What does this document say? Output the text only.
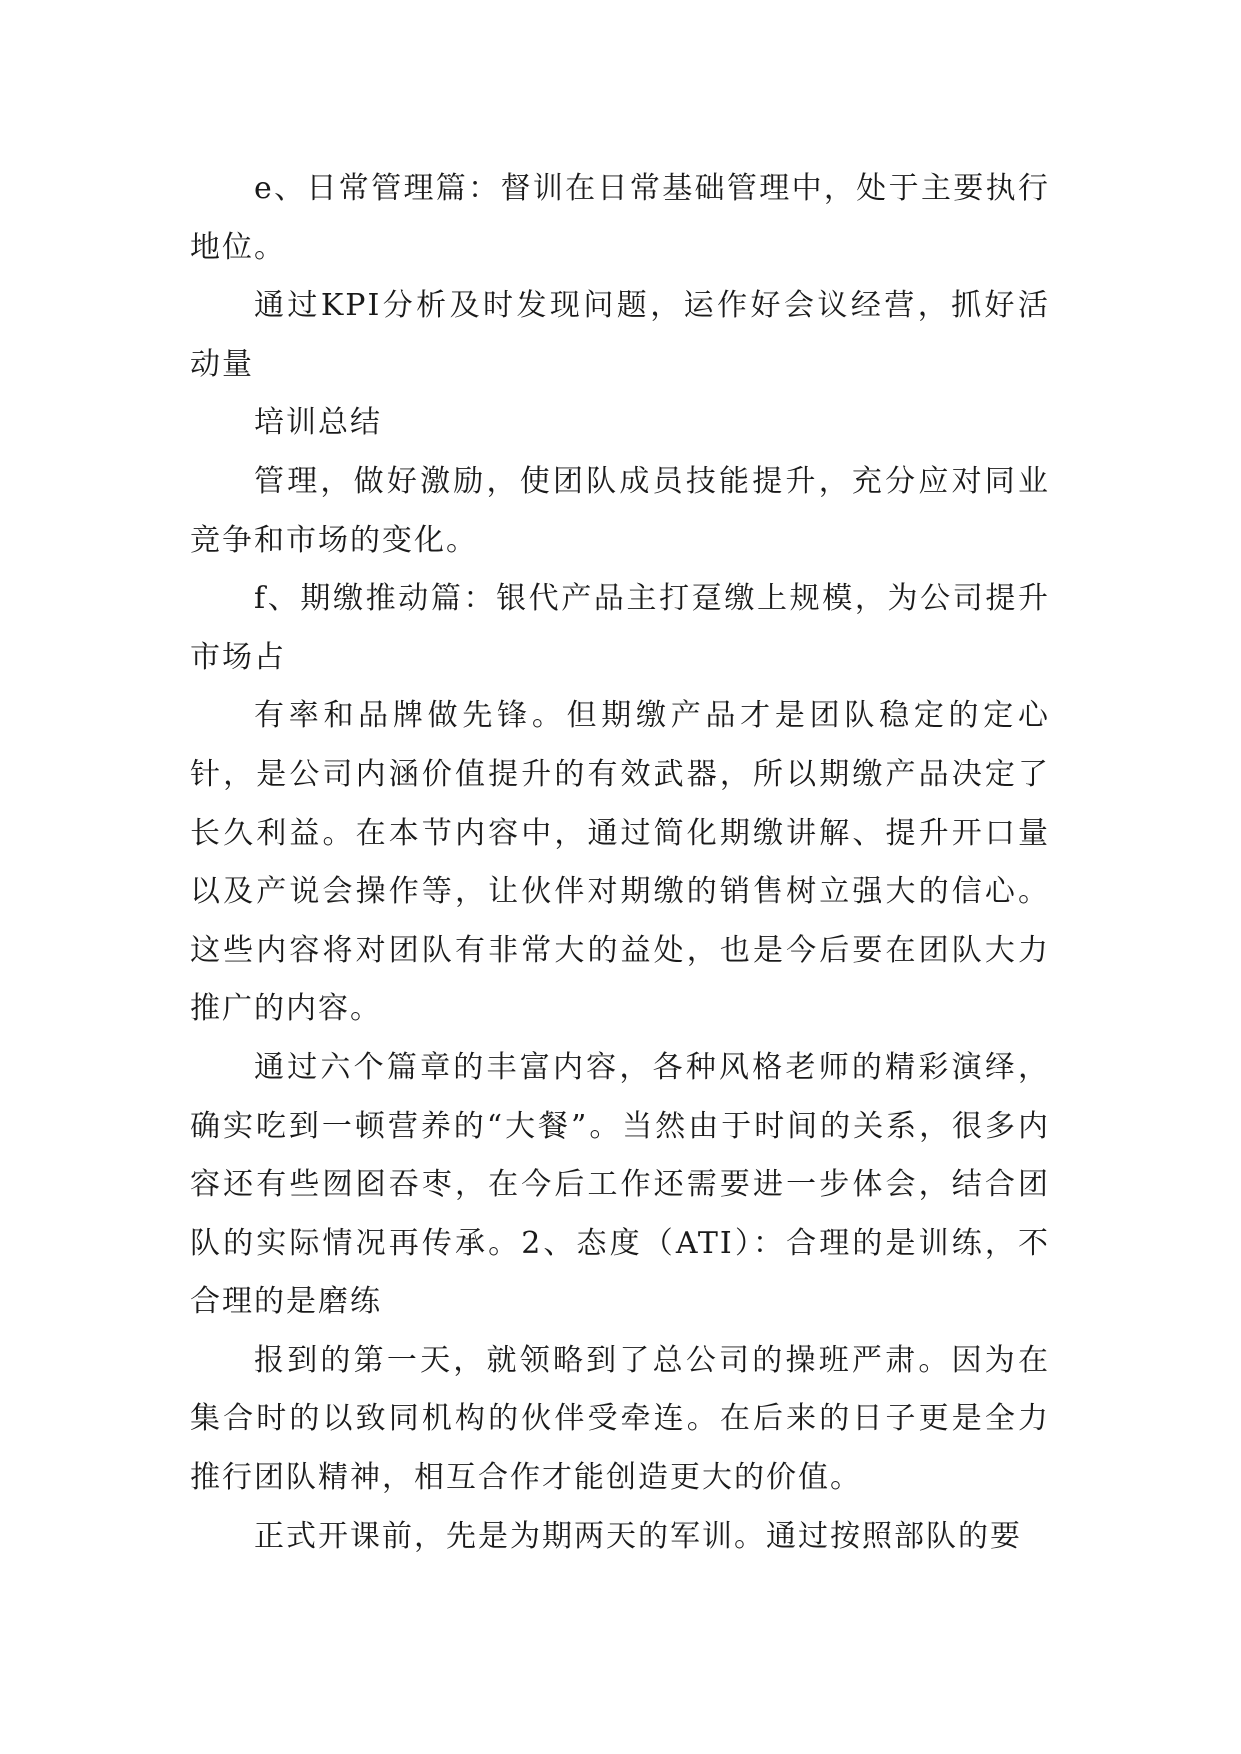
e、日常管理篇：督训在日常基础管理中，处于主要执行地位。

通过KPI分析及时发现问题，运作好会议经营，抓好活动量

培训总结

管理，做好激励，使团队成员技能提升，充分应对同业竞争和市场的变化。

f、期缴推动篇：银代产品主打趸缴上规模，为公司提升市场占

有率和品牌做先锋。但期缴产品才是团队稳定的定心针，是公司内涵价值提升的有效武器，所以期缴产品决定了长久利益。在本节内容中，通过简化期缴讲解、提升开口量以及产说会操作等，让伙伴对期缴的销售树立强大的信心。这些内容将对团队有非常大的益处，也是今后要在团队大力推广的内容。

通过六个篇章的丰富内容，各种风格老师的精彩演绎，确实吃到一顿营养的“大餐”。当然由于时间的关系，很多内容还有些囫囵吞枣，在今后工作还需要进一步体会，结合团队的实际情况再传承。2、态度（ATI）：合理的是训练，不合理的是磨练

报到的第一天，就领略到了总公司的操班严肃。因为在集合时的以致同机构的伙伴受牵连。在后来的日子更是全力推行团队精神，相互合作才能创造更大的价值。

正式开课前，先是为期两天的军训。通过按照部队的要
